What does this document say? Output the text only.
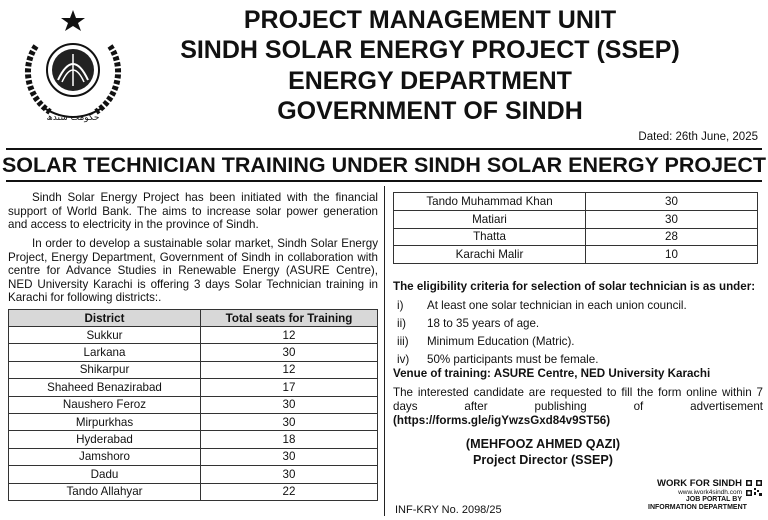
حکومت سندھ
PROJECT MANAGEMENT UNIT
SINDH SOLAR ENERGY PROJECT (SSEP)
ENERGY DEPARTMENT
GOVERNMENT OF SINDH
Dated: 26th June, 2025
SOLAR TECHNICIAN TRAINING UNDER SINDH SOLAR ENERGY PROJECT

Sindh Solar Energy Project has been initiated with the financial support of World Bank. The aims to increase solar power generation and access to electricity in the province of Sindh.

In order to develop a sustainable solar market, Sindh Solar Energy Project, Energy Department, Government of Sindh in collaboration with centre for Advance Studies in Renewable Energy (ASURE Centre), NED University Karachi is offering 3 days Solar Technician training in Karachi for following districts:.

District	Total seats for Training
Sukkur	12
Larkana	30
Shikarpur	12
Shaheed Benazirabad	17
Naushero Feroz	30
Mirpurkhas	30
Hyderabad	18
Jamshoro	30
Dadu	30
Tando Allahyar	22
Tando Muhammad Khan	30
Matiari	30
Thatta	28
Karachi Malir	10
The eligibility criteria for selection of solar technician is as under:
i)	At least one solar technician in each union council.
ii)	18 to 35 years of age.
iii)	Minimum Education (Matric).
iv)	50% participants must be female.
Venue of training: ASURE Centre, NED University Karachi

The interested candidate are requested to fill the form online within 7 days after publishing of advertisement (https://forms.gle/igYwzsGxd84v9ST56)

(MEHFOOZ AHMED QAZI)
Project Director (SSEP)
INF-KRY No. 2098/25
WORK FOR SINDH
www.iwork4sindh.com
JOB PORTAL BY
INFORMATION DEPARTMENT
